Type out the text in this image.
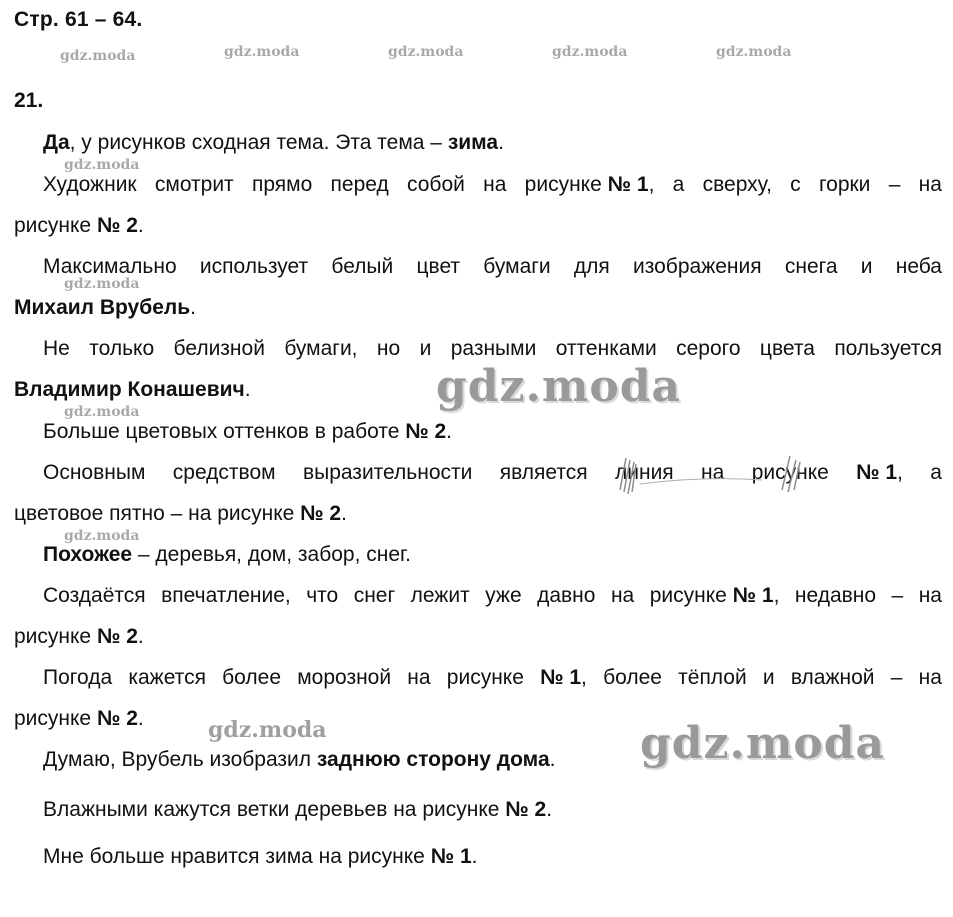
Стр. 61 – 64.
gdz.moda	gdz.moda	gdz.moda	gdz.moda	gdz.moda
21.
Да, у рисунков сходная тема. Эта тема – зима.
gdz.moda
Художник смотрит прямо перед собой на рисунке № 1, а сверху, с горки – на
рисунке № 2.
Максимально использует белый цвет бумаги для изображения снега и неба
gdz.moda
Михаил Врубель.
Не только белизной бумаги, но и разными оттенками серого цвета пользуется
Владимир Конашевич.	gdz.moda
gdz.moda
Больше цветовых оттенков в работе № 2.
Основным средством выразительности является линия на рисунке № 1, а
цветовое пятно – на рисунке № 2.
gdz.moda
Похожее – деревья, дом, забор, снег.
Создаётся впечатление, что снег лежит уже давно на рисунке № 1, недавно – на
рисунке № 2.
Погода кажется более морозной на рисунке № 1, более тёплой и влажной – на
рисунке № 2.	gdz.moda
Думаю, Врубель изобразил заднюю сторону дома. gdz.moda
Влажными кажутся ветки деревьев на рисунке № 2.
Мне больше нравится зима на рисунке № 1.
